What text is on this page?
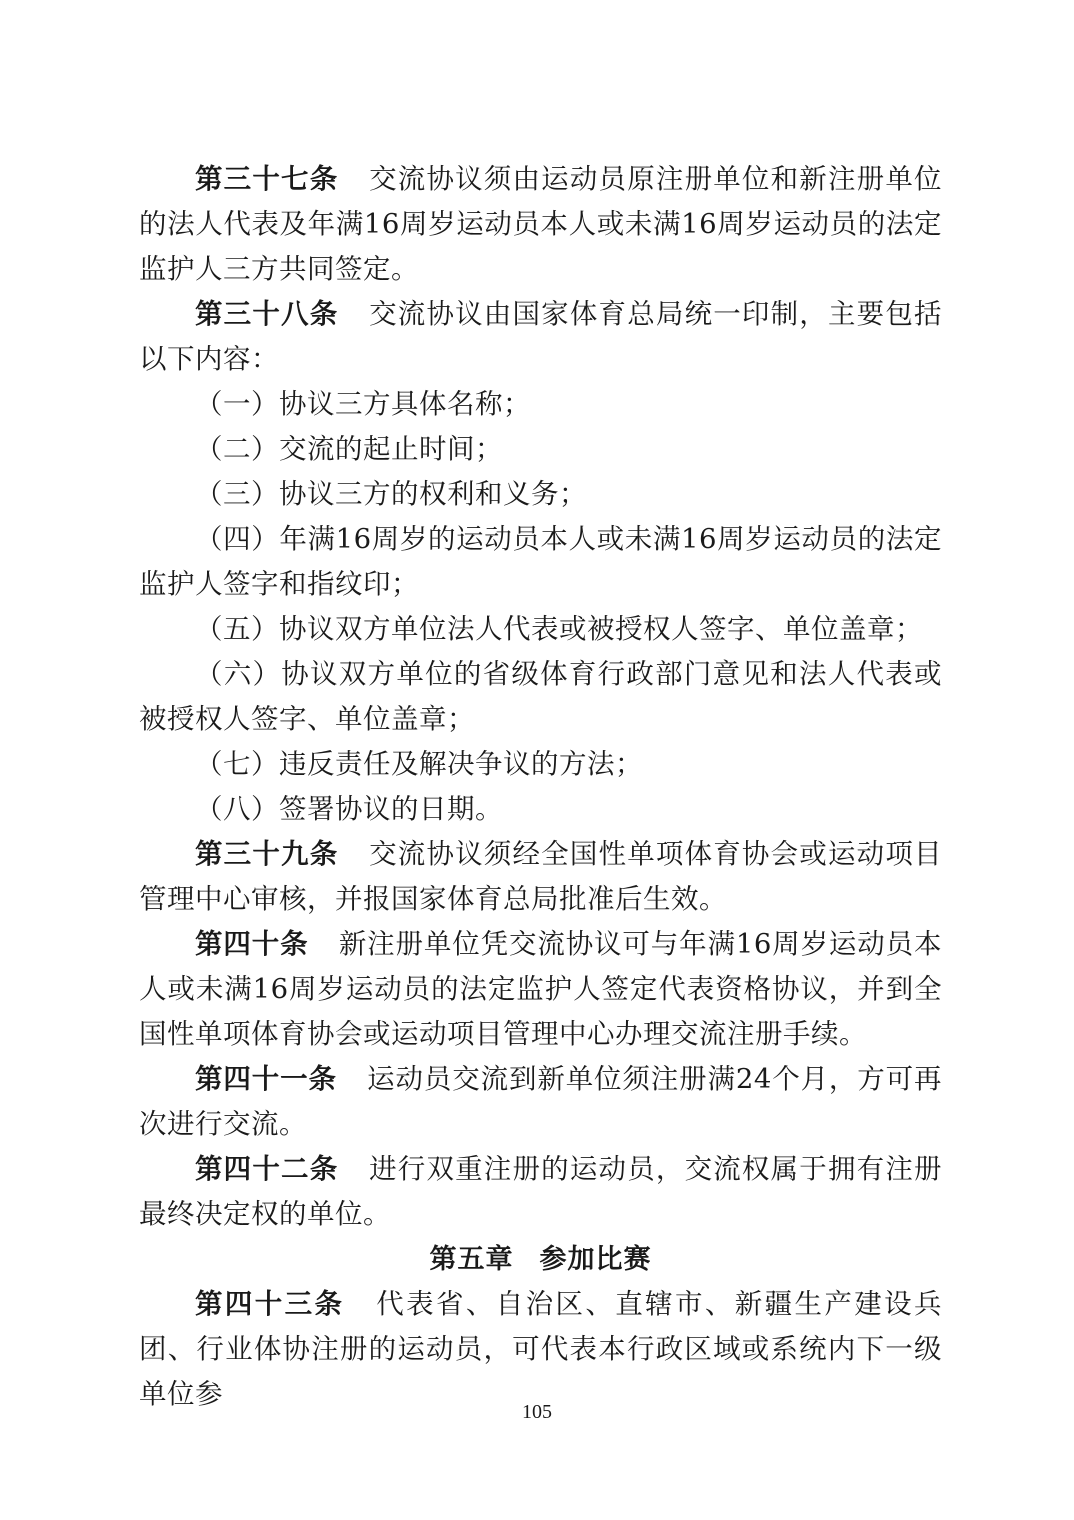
第三十七条 交流协议须由运动员原注册单位和新注册单位的法人代表及年满16周岁运动员本人或未满16周岁运动员的法定监护人三方共同签定。

第三十八条 交流协议由国家体育总局统一印制，主要包括以下内容：

（一）协议三方具体名称；

（二）交流的起止时间；

（三）协议三方的权利和义务；

（四）年满16周岁的运动员本人或未满16周岁运动员的法定监护人签字和指纹印；

（五）协议双方单位法人代表或被授权人签字、单位盖章；

（六）协议双方单位的省级体育行政部门意见和法人代表或被授权人签字、单位盖章；

（七）违反责任及解决争议的方法；

（八）签署协议的日期。

第三十九条 交流协议须经全国性单项体育协会或运动项目管理中心审核，并报国家体育总局批准后生效。

第四十条 新注册单位凭交流协议可与年满16周岁运动员本人或未满16周岁运动员的法定监护人签定代表资格协议，并到全国性单项体育协会或运动项目管理中心办理交流注册手续。

第四十一条 运动员交流到新单位须注册满24个月，方可再次进行交流。

第四十二条 进行双重注册的运动员，交流权属于拥有注册最终决定权的单位。

第五章 参加比赛

第四十三条 代表省、自治区、直辖市、新疆生产建设兵团、行业体协注册的运动员，可代表本行政区域或系统内下一级单位参

105
